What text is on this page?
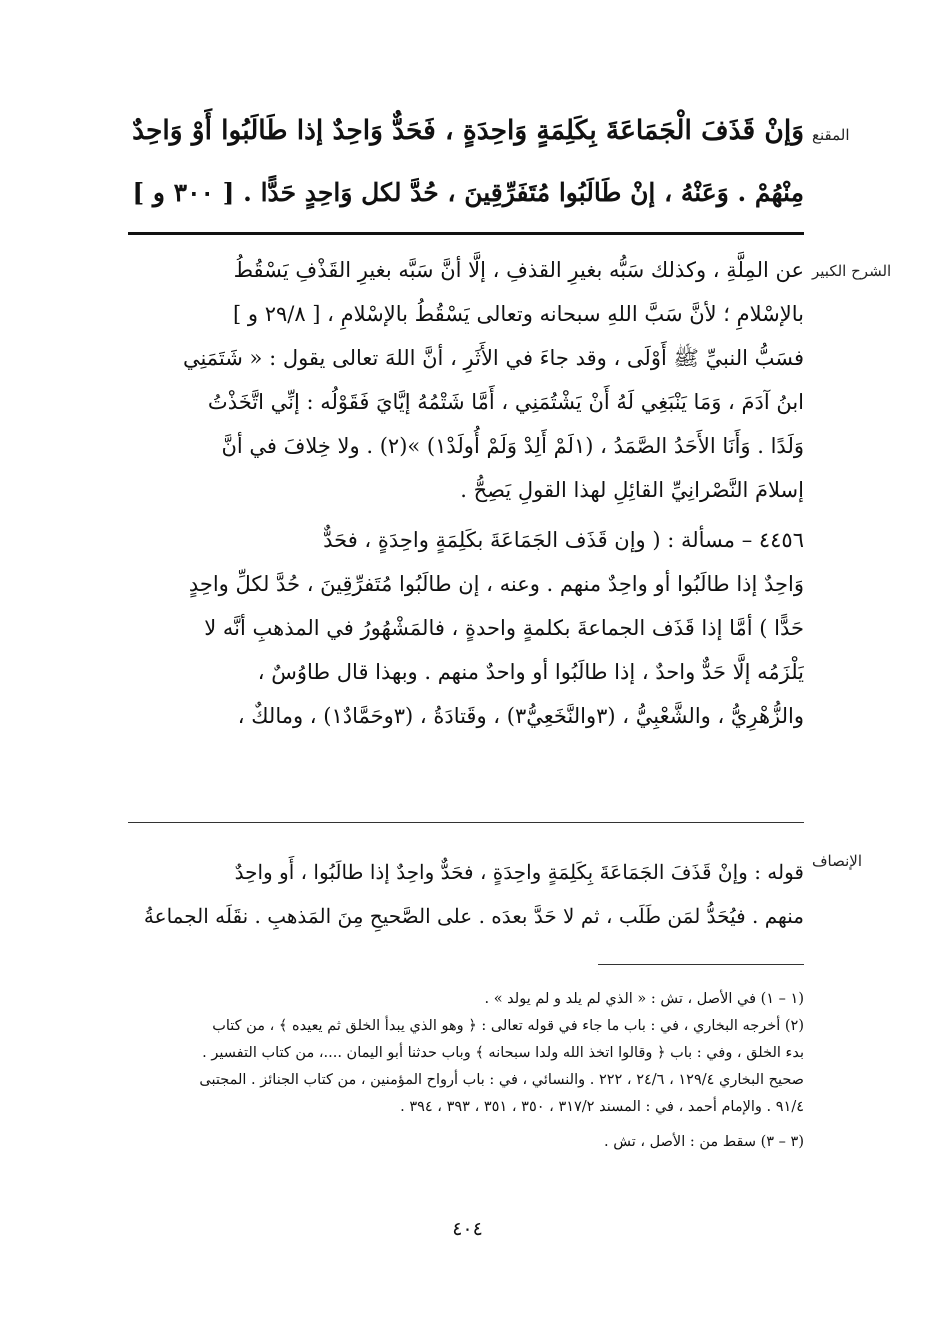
المقنع
وَإنْ قَذَفَ الْجَمَاعَةَ بِكَلِمَةٍ وَاحِدَةٍ ، فَحَدٌّ وَاحِدٌ إذا طَالَبُوا أَوْ وَاحِدٌ
مِنْهُمْ . وَعَنْهُ ، إنْ طَالَبُوا مُتَفَرِّقِينَ ، حُدَّ لكل وَاحِدٍ حَدًّا . [ ٣٠٠ و ]
الشرح الكبير
عن المِلَّةِ ، وكذلك سَبُّه بغيرِ القذفِ ، إلَّا أنَّ سَبَّه بغيرِ القَذْفِ يَسْقُطُ
بالإسْلامِ ؛ لأنَّ سَبَّ اللهِ سبحانه وتعالى يَسْقُطُ بالإسْلامِ ، [ ٢٩/٨ و ]
فسَبُّ النبيِّ ﷺ أَوْلَى ، وقد جاءَ في الأَثَرِ ، أنَّ اللهَ تعالى يقول : « شَتَمَنِي
ابنُ آدَمَ ، وَمَا يَنْبَغِي لَهُ أَنْ يَشْتُمَنِي ، أَمَّا شَتْمُهُ إيَّايَ فَقَوْلُه : إنِّي اتَّخَذْتُ
وَلَدًا . وَأَنَا الأَحَدُ الصَّمَدُ ، (١لَمْ أَلِدْ وَلَمْ أُولَدْ١) »(٢) . ولا خِلافَ في أنَّ
إسلامَ النَّصْرانِيِّ القائِلِ لهذا القولِ يَصِحُّ .
٤٤٥٦ – مسألة : ( وإن قَذَف الجَمَاعَةَ بكَلِمَةٍ واحِدَةٍ ، فحَدٌّ
وَاحِدٌ إذا طالَبُوا أو واحِدٌ منهم . وعنه ، إن طالَبُوا مُتَفرِّقِينَ ، حُدَّ لكلِّ واحِدٍ
حَدًّا ) أمَّا إذا قَذَف الجماعةَ بكلمةٍ واحدةٍ ، فالمَشْهُورُ في المذهبِ أنَّه لا
يَلْزَمُه إلَّا حَدٌّ واحدٌ ، إذا طالَبُوا أو واحدٌ منهم . وبهذا قال طاوُسٌ ،
والزُّهْرِيُّ ، والشَّعْبِيُّ ، (٣والنَّخَعِيُّ٣) ، وقَتادَةُ ، (٣وحَمَّادٌ١) ، ومالكٌ ،
الإنصاف
قوله : وإنْ قَذَفَ الجَمَاعَةَ بِكَلِمَةٍ واحِدَةٍ ، فحَدٌّ واحِدٌ إذا طالَبُوا ، أَو واحِدٌ
منهم . فيُحَدُّ لمَن طَلَب ، ثم لا حَدَّ بعدَه . على الصَّحيحِ مِنَ المَذهبِ . نقَلَه الجماعةُ
(١ – ١) في الأصل ، تش : « الذي لم يلد و لم يولد » .
(٢) أخرجه البخاري ، في : باب ما جاء في قوله تعالى : ﴿ وهو الذي يبدأ الخلق ثم يعيده ﴾ ، من كتاب
بدء الخلق ، وفي : باب ﴿ وقالوا اتخذ الله ولدا سبحانه ﴾ وباب حدثنا أبو اليمان ....، من كتاب التفسير .
صحيح البخاري ١٢٩/٤ ، ٢٤/٦ ، ٢٢٢ . والنسائي ، في : باب أرواح المؤمنين ، من كتاب الجنائز . المجتبى
٩١/٤ . والإمام أحمد ، في : المسند ٣١٧/٢ ، ٣٥٠ ، ٣٥١ ، ٣٩٣ ، ٣٩٤ .
(٣ – ٣) سقط من : الأصل ، تش .
٤٠٤
